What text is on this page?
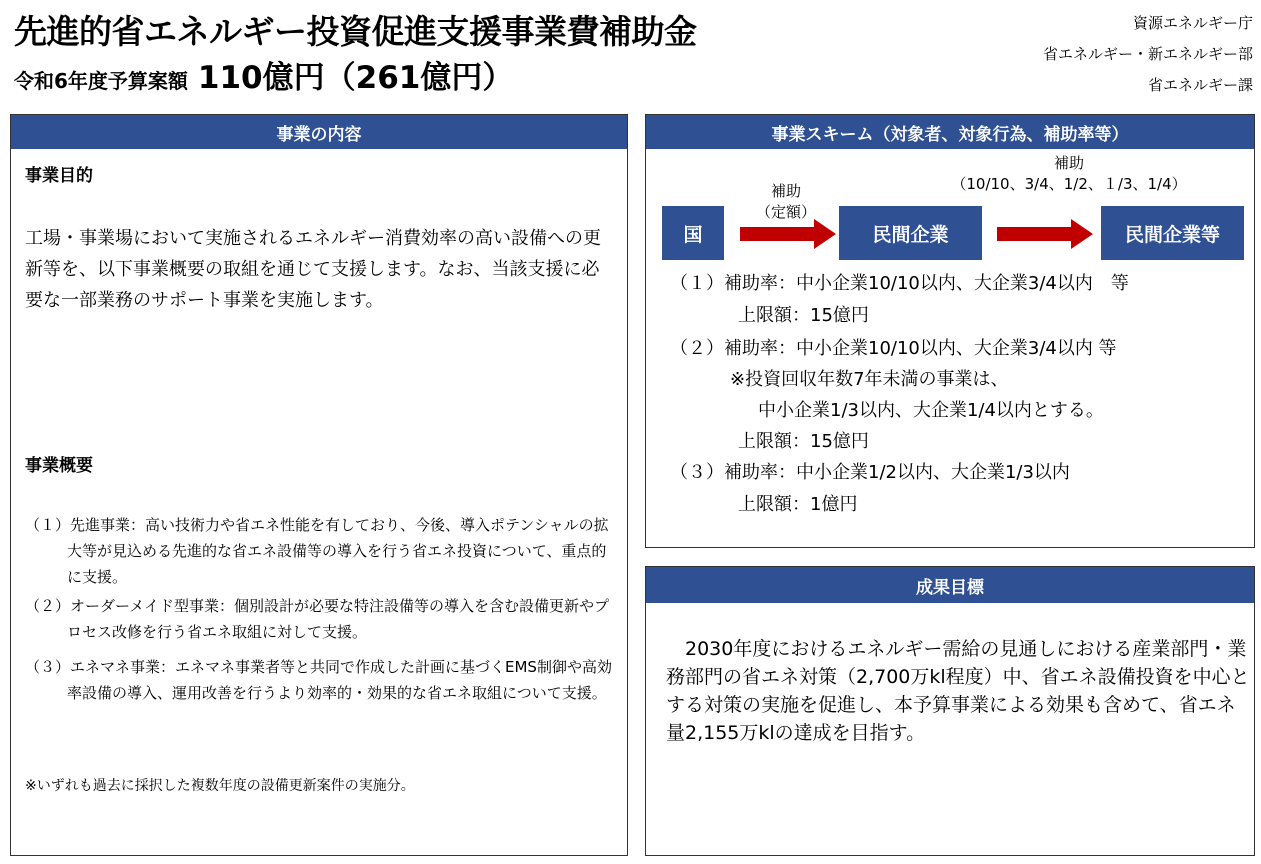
先進的省エネルギー投資促進支援事業費補助金
令和6年度予算案額 110億円（261億円）
資源エネルギー庁
省エネルギー・新エネルギー部
省エネルギー課
事業の内容
事業目的
工場・事業場において実施されるエネルギー消費効率の高い設備への更新等を、以下事業概要の取組を通じて支援します。なお、当該支援に必要な一部業務のサポート事業を実施します。
事業概要
（１）先進事業：高い技術力や省エネ性能を有しており、今後、導入ポテンシャルの拡大等が見込める先進的な省エネ設備等の導入を行う省エネ投資について、重点的に支援。
（２）オーダーメイド型事業：個別設計が必要な特注設備等の導入を含む設備更新やプロセス改修を行う省エネ取組に対して支援。
（３）エネマネ事業：エネマネ事業者等と共同で作成した計画に基づくEMS制御や高効率設備の導入、運用改善を行うより効率的・効果的な省エネ取組について支援。
※いずれも過去に採択した複数年度の設備更新案件の実施分。
事業スキーム（対象者、対象行為、補助率等）
補助
（10/10、3/4、1/2、１/3、1/4）
補助
（定額）
国	民間企業	民間企業等
（１）補助率：中小企業10/10以内、大企業3/4以内　等
上限額：15億円
（２）補助率：中小企業10/10以内、大企業3/4以内 等
※投資回収年数7年未満の事業は、
中小企業1/3以内、大企業1/4以内とする。
上限額：15億円
（３）補助率：中小企業1/2以内、大企業1/3以内
上限額：1億円
成果目標
2030年度におけるエネルギー需給の見通しにおける産業部門・業務部門の省エネ対策（2,700万kl程度）中、省エネ設備投資を中心とする対策の実施を促進し、本予算事業による効果も含めて、省エネ量2,155万klの達成を目指す。
